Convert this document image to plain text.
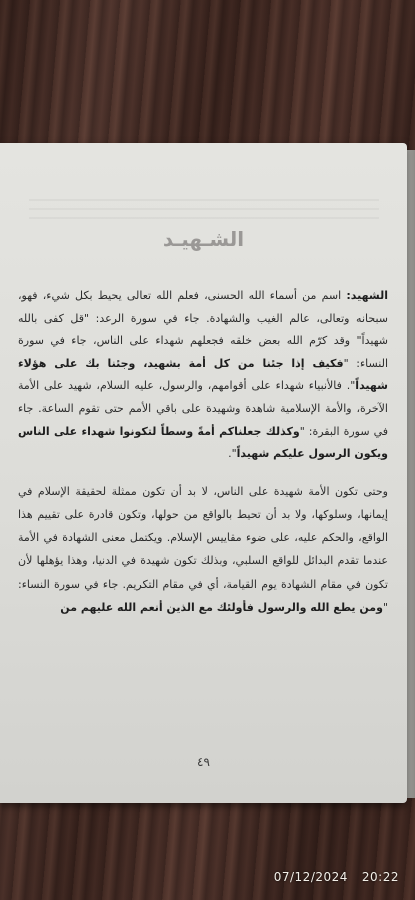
الشـهيـد

الشهيد: اسم من أسماء الله الحسنى، فعلم الله تعالى يحيط بكل شيء، فهو، سبحانه وتعالى، عالم الغيب والشهادة. جاء في سورة الرعد: "قل كفى بالله شهيداً" وقد كرّم الله بعض خلقه فجعلهم شهداء على الناس، جاء في سورة النساء: "فكيف إذا جئنا من كل أمة بشهيد، وجئنا بك على هؤلاء شهيداً". فالأنبياء شهداء على أقوامهم، والرسول، عليه السلام، شهيد على الأمة الآخرة، والأمة الإسلامية شاهدة وشهيدة على باقي الأمم حتى تقوم الساعة. جاء في سورة البقرة: "وكذلك جعلناكم أمةً وسطاً لتكونوا شهداء على الناس ويكون الرسول عليكم شهيداً".

وحتى تكون الأمة شهيدة على الناس، لا بد أن تكون ممثلة لحقيقة الإسلام في إيمانها، وسلوكها، ولا بد أن تحيط بالواقع من حولها، وتكون قادرة على تقييم هذا الواقع، والحكم عليه، على ضوء مقاييس الإسلام. ويكتمل معنى الشهادة في الأمة عندما تقدم البدائل للواقع السلبي، وبذلك تكون شهيدة في الدنيا، وهذا يؤهلها لأن تكون في مقام الشهادة يوم القيامة، أي في مقام التكريم. جاء في سورة النساء: "ومن يطع الله والرسول فأولئك مع الذين أنعم الله عليهم من

٤٩
07/12/2024 20:22
